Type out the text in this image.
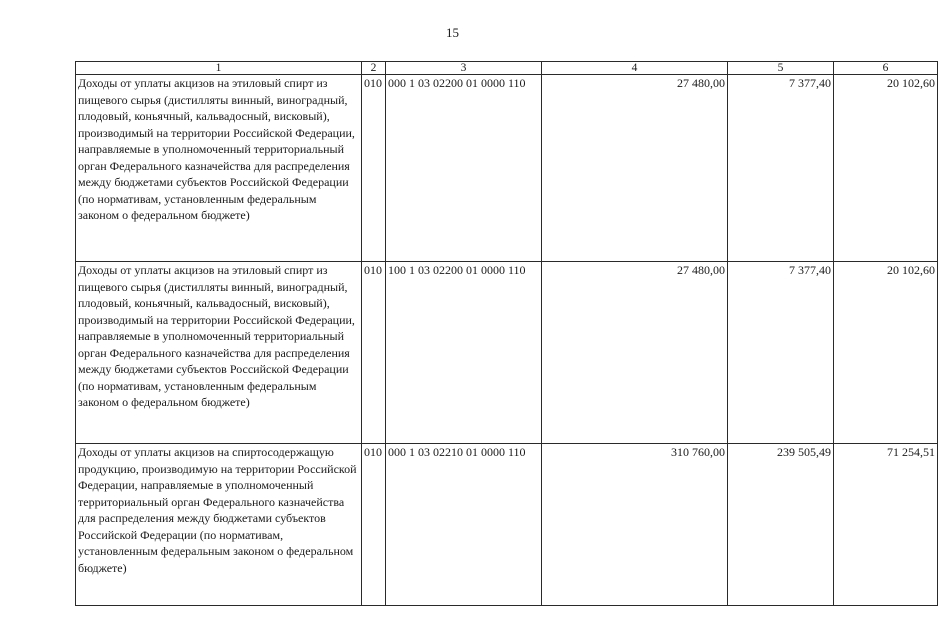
15
1	2	3	4	5	6
Доходы от уплаты акцизов на этиловый спирт из пищевого сырья (дистилляты винный, виноградный, плодовый, коньячный, кальвадосный, висковый), производимый на территории Российской Федерации, направляемые в уполномоченный территориальный орган Федерального казначейства для распределения между бюджетами субъектов Российской Федерации (по нормативам, установленным федеральным законом о федеральном бюджете)	010	000 1 03 02200 01 0000 110	27 480,00	7 377,40	20 102,60
Доходы от уплаты акцизов на этиловый спирт из пищевого сырья (дистилляты винный, виноградный, плодовый, коньячный, кальвадосный, висковый), производимый на территории Российской Федерации, направляемые в уполномоченный территориальный орган Федерального казначейства для распределения между бюджетами субъектов Российской Федерации (по нормативам, установленным федеральным законом о федеральном бюджете)	010	100 1 03 02200 01 0000 110	27 480,00	7 377,40	20 102,60
Доходы от уплаты акцизов на спиртосодержащую продукцию, производимую на территории Российской Федерации, направляемые в уполномоченный территориальный орган Федерального казначейства для распределения между бюджетами субъектов Российской Федерации (по нормативам, установленным федеральным законом о федеральном бюджете)	010	000 1 03 02210 01 0000 110	310 760,00	239 505,49	71 254,51
